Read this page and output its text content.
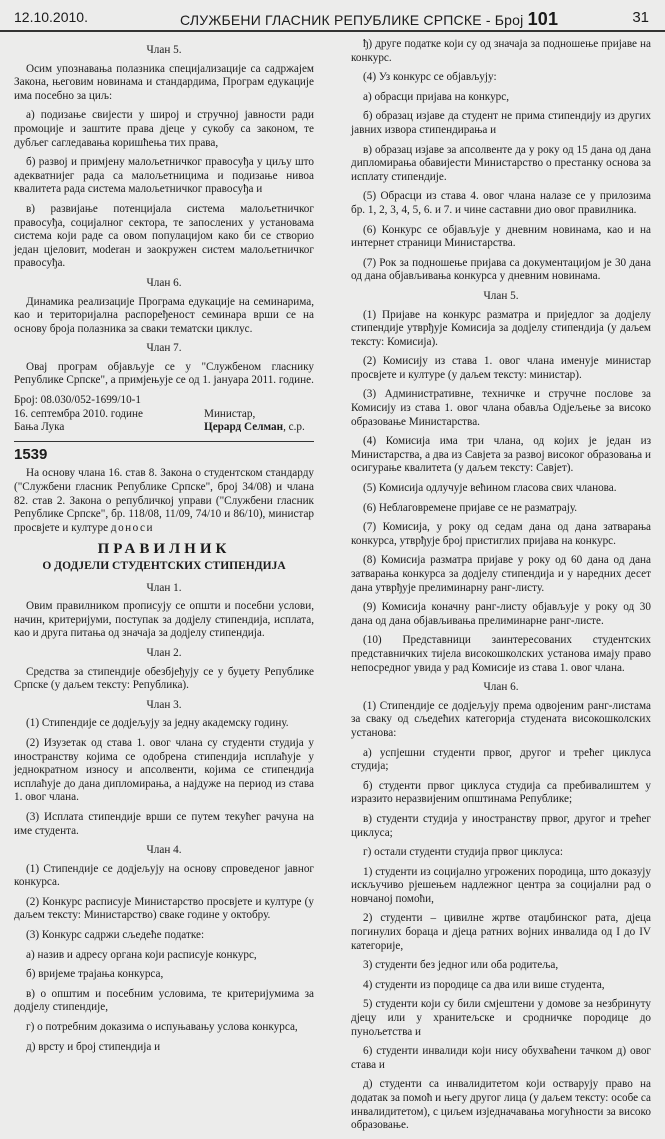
12.10.2010.	СЛУЖБЕНИ ГЛАСНИК РЕПУБЛИКЕ СРПСКЕ - Број 101	31
Члан 5.

Осим упознавања полазника специјализације са садржајем Закона, његовим новинама и стандардима, Програм едукације има посебно за циљ:

а) подизање свијести у широј и стручној јавности ради промоције и заштите права дјеце у сукобу са законом, те дубљег сагледавања коришћења тих права,

б) развој и примјену малољетничког правосуђа у циљу што адекватнијег рада са малољетницима и подизање нивоа квалитета рада система малољетничког правосуђа и

в) развијање потенцијала система малољетничког правосуђа, социјалног сектора, те запослених у установама система који раде са овом популацијом како би се створио један цјеловит, моderан и заокружен систем малољетничког правосуђа.

Члан 6.

Динамика реализације Програма едукације на семинарима, као и територијална распоређеност семинара врши се на основу броја полазника за сваки тематски циклус.

Члан 7.

Овај програм објављује се у "Службеном гласнику Републике Српске", а примјењује се од 1. јануара 2011. године.

Број: 08.030/052-1699/10-1
16. септембра 2010. године
Бања Лука
Министар,
Церард Селман, с.р.
1539

На основу члана 16. став 8. Закона о студентском стандарду ("Службени гласник Републике Српске", број 34/08) и члана 82. став 2. Закона о републичкој управи ("Службени гласник Републике Српске", бр. 118/08, 11/09, 74/10 и 86/10), министар просвјете и културе доноси

ПРАВИЛНИК
О ДОДЈЕЛИ СТУДЕНТСКИХ СТИПЕНДИЈА
Члан 1.

Овим правилником прописују се општи и посебни услови, начин, критеријуми, поступак за додјелу стипендија, исплата, као и друга питања од значаја за додјелу стипендија.

Члан 2.

Средства за стипендије обезбјеђују се у буџету Републике Српске (у даљем тексту: Република).

Члан 3.

(1) Стипендије се додјељују за једну академску годину.

(2) Изузетак од става 1. овог члана су студенти студија у иностранству којима се одобрена стипендија исплаћује у једнократном износу и апсолвенти, којима се стипендија исплаћује до дана дипломирања, а најдуже на период из става 1. овог члана.

(3) Исплата стипендије врши се путем текућег рачуна на име студента.

Члан 4.

(1) Стипендије се додјељују на основу спроведеног јавног конкурса.

(2) Конкурс расписује Министарство просвјете и културе (у даљем тексту: Министарство) сваке године у октобру.

(3) Конкурс садржи сљедеће податке:

а) назив и адресу органа који расписује конкурс,

б) вријеме трајања конкурса,

в) о општим и посебним условима, те критеријумима за додјелу стипендије,

г) о потребним доказима о испуњавању услова конкурса,

д) врсту и број стипендија и

ђ) друге податке који су од значаја за подношење пријаве на конкурс.

(4) Уз конкурс се објављују:

а) обрасци пријава на конкурс,

б) образац изјаве да студент не прима стипендију из других јавних извора стипендирања и

в) образац изјаве за апсолвенте да у року од 15 дана од дана дипломирања обавијести Министарство о престанку основа за исплату стипендије.

(5) Обрасци из става 4. овог члана налазе се у прилозима бр. 1, 2, 3, 4, 5, 6. и 7. и чине саставни дио овог правилника.

(6) Конкурс се објављује у дневним новинама, као и на интернет страници Министарства.

(7) Рок за подношење пријава са документацијом је 30 дана од дана објављивања конкурса у дневним новинама.

Члан 5.

(1) Пријаве на конкурс разматра и приједлог за додјелу стипендије утврђује Комисија за додјелу стипендија (у даљем тексту: Комисија).

(2) Комисију из става 1. овог члана именује министар просвјете и културе (у даљем тексту: министар).

(3) Административне, техничке и стручне послове за Комисију из става 1. овог члана обавља Одјељење за високо образовање Министарства.

(4) Комисија има три члана, од којих је један из Министарства, а два из Савјета за развој високог образовања и осигурање квалитета (у даљем тексту: Савјет).

(5) Комисија одлучује већином гласова свих чланова.

(6) Неблаговремене пријаве се не разматрају.

(7) Комисија, у року од седам дана од дана затварања конкурса, утврђује број пристиглих пријава на конкурс.

(8) Комисија разматра пријаве у року од 60 дана од дана затварања конкурса за додјелу стипендија и у наредних десет дана утврђује прелиминарну ранг-листу.

(9) Комисија коначну ранг-листу објављује у року од 30 дана од дана објављивања прелиминарне ранг-листе.

(10) Представници заинтересованих студентских представничких тијела високошколских установа имају право непосредног увида у рад Комисије из става 1. овог члана.

Члан 6.

(1) Стипендије се додјељују према одвојеним ранг-листама за сваку од сљедећих категорија студената високошколских установа:

а) успјешни студенти првог, другог и трећег циклуса студија;

б) студенти првог циклуса студија са пребивалиштем у изразито неразвијеним општинама Републике;

в) студенти студија у иностранству првог, другог и трећег циклуса;

г) остали студенти студија првог циклуса:

1) студенти из социјално угрожених породица, што доказују искључиво рјешењем надлежног центра за социјални рад о новчаној помоћи,

2) студенти – цивилне жртве отаџбинског рата, дјеца погинулих бораца и дјеца ратних војних инвалида од I до IV категорије,

3) студенти без једног или оба родитеља,

4) студенти из породице са два или више студента,

5) студенти који су били смјештени у домове за незбринуту дјецу или у хранитељске и сродничке породице до пунољетства и

6) студенти инвалиди који нису обухваћени тачком д) овог става и

д) студенти са инвалидитетом који остварују право на додатак за помоћ и његу другог лица (у даљем тексту: особе са инвалидитетом), с циљем изједначавања могућности за високо образовање.
